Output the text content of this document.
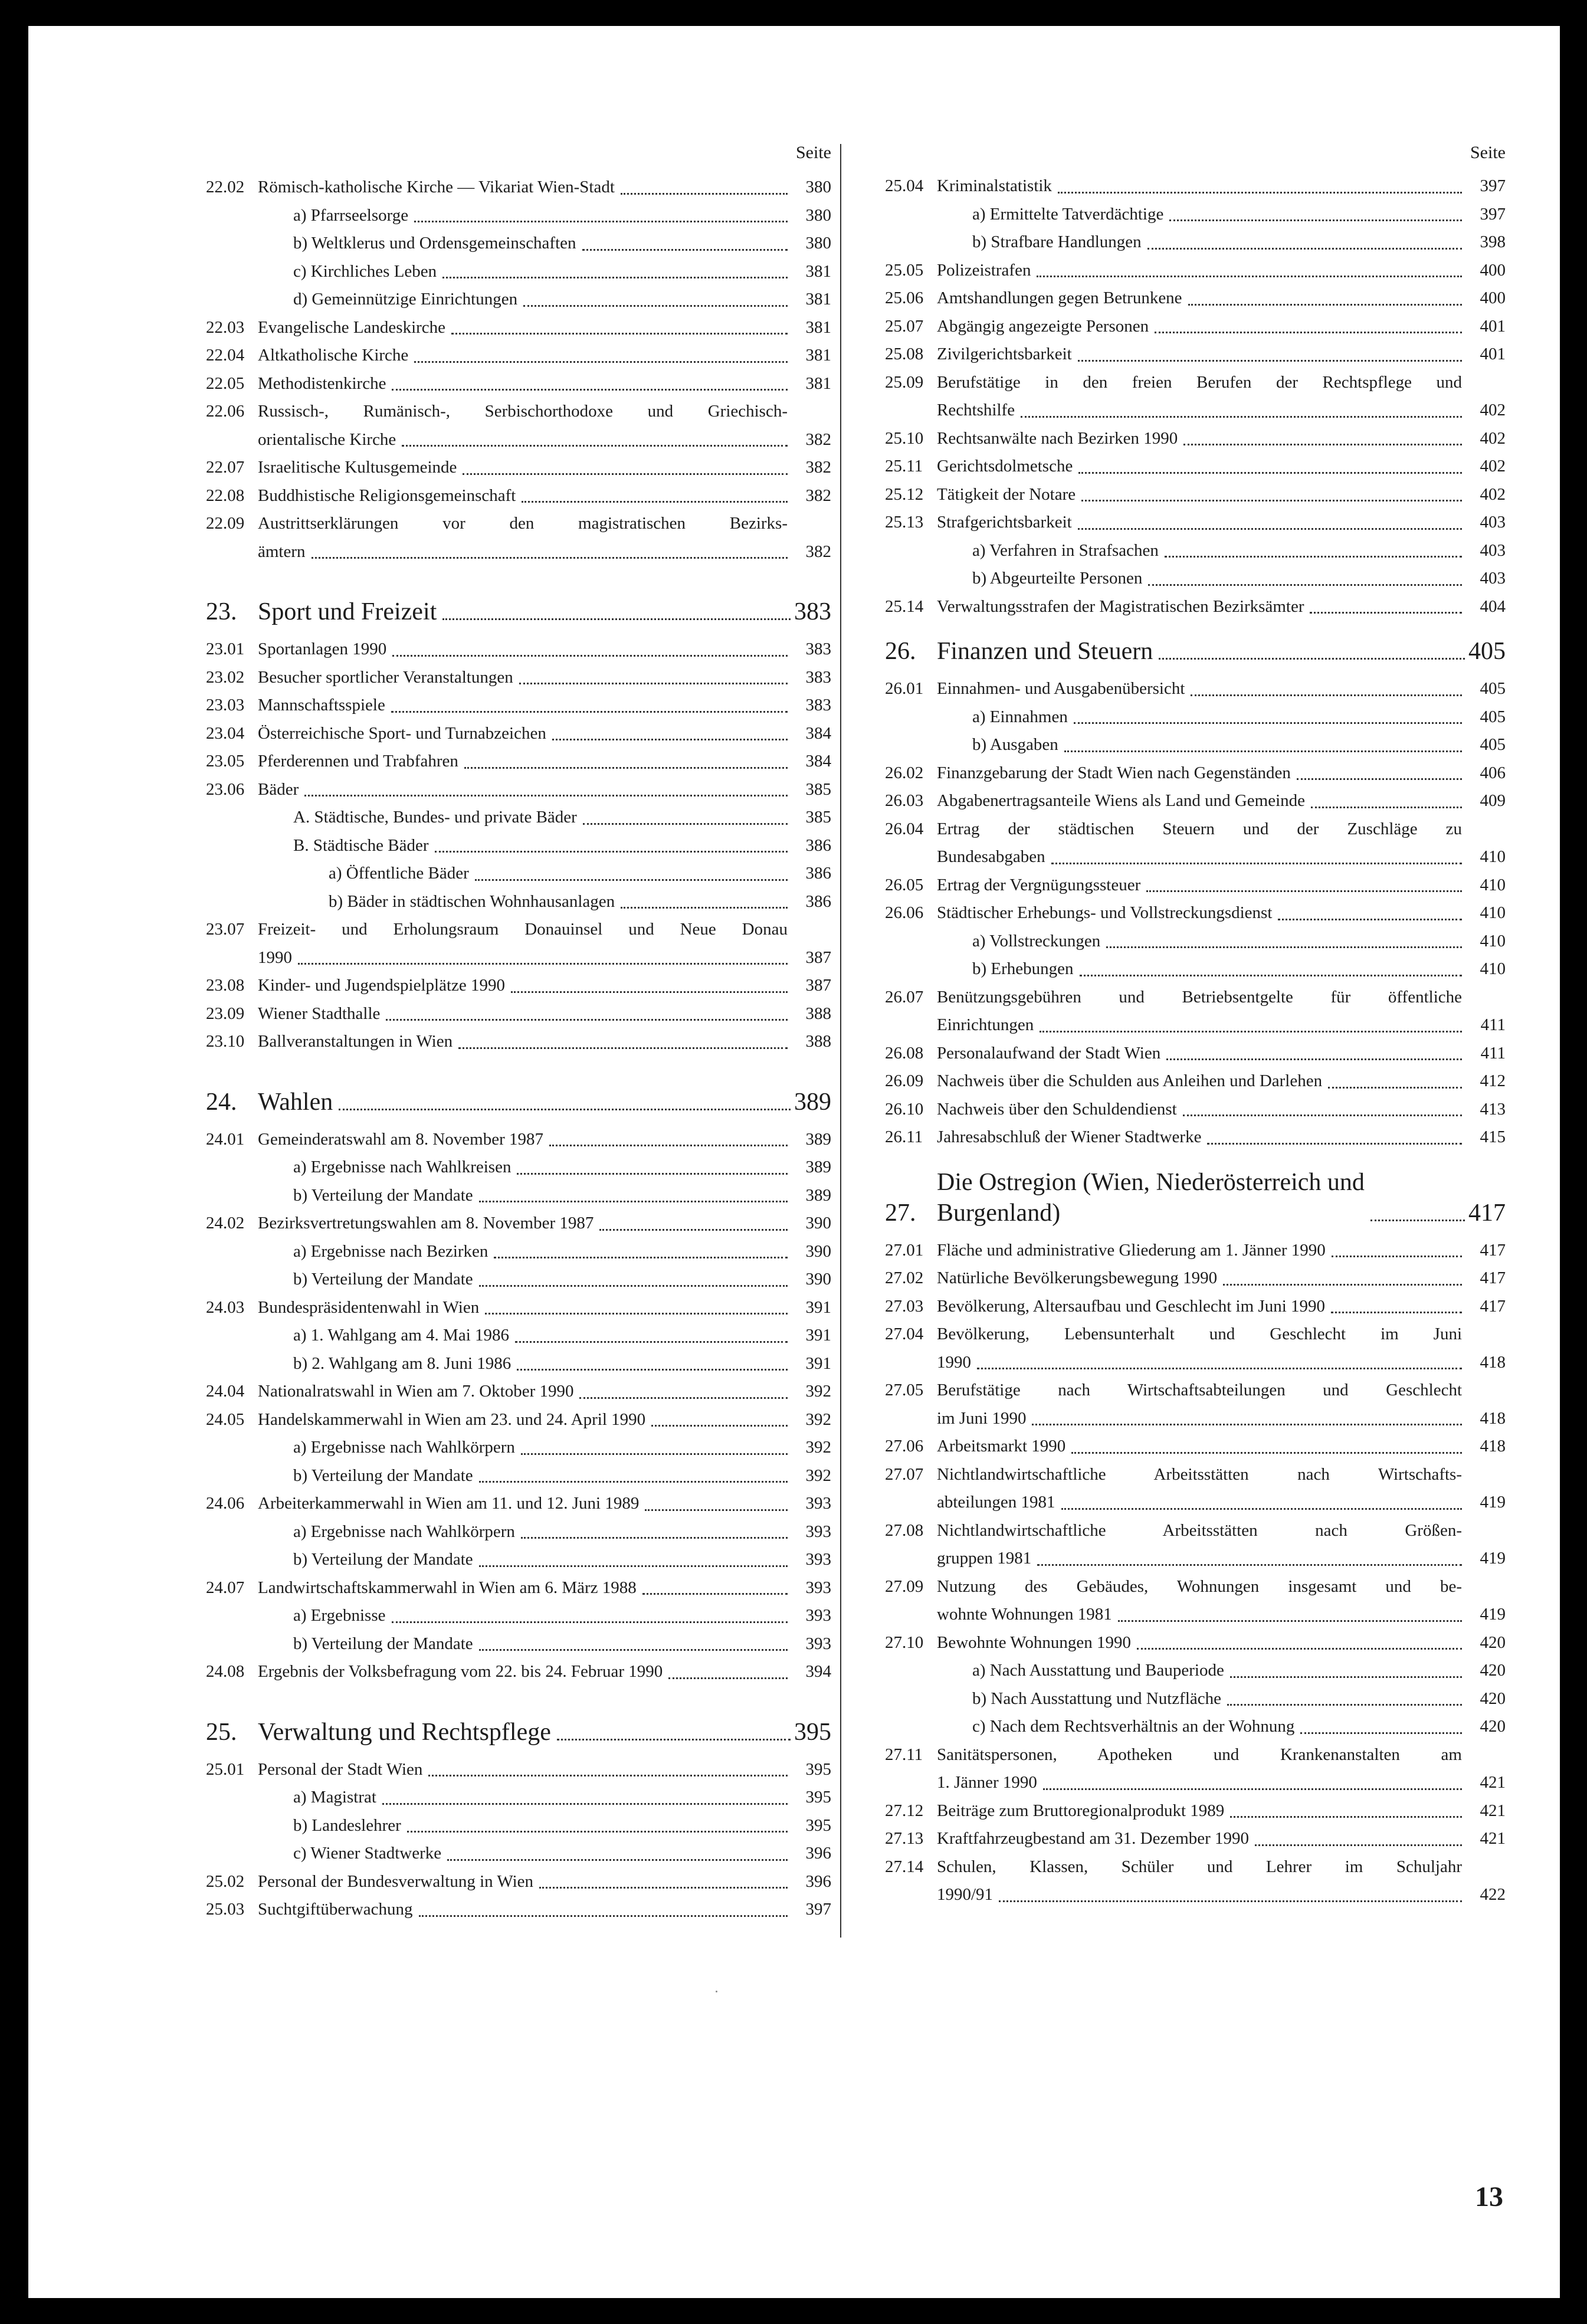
Seite
22.02 Römisch-katholische Kirche — Vikariat Wien-Stadt	380
a) Pfarrseelsorge	380
b) Weltklerus und Ordensgemeinschaften	380
c) Kirchliches Leben	381
d) Gemeinnützige Einrichtungen	381
22.03 Evangelische Landeskirche	381
22.04 Altkatholische Kirche	381
22.05 Methodistenkirche	381
22.06 Russisch-, Rumänisch-, Serbischorthodoxe und Griechisch-
orientalische Kirche	382
22.07 Israelitische Kultusgemeinde	382
22.08 Buddhistische Religionsgemeinschaft	382
22.09 Austrittserklärungen vor den magistratischen Bezirks-
ämtern	382
23. Sport und Freizeit	383
23.01 Sportanlagen 1990	383
23.02 Besucher sportlicher Veranstaltungen	383
23.03 Mannschaftsspiele	383
23.04 Österreichische Sport- und Turnabzeichen	384
23.05 Pferderennen und Trabfahren	384
23.06 Bäder	385
A. Städtische, Bundes- und private Bäder	385
B. Städtische Bäder	386
a) Öffentliche Bäder	386
b) Bäder in städtischen Wohnhausanlagen	386
23.07 Freizeit- und Erholungsraum Donauinsel und Neue Donau
1990	387
23.08 Kinder- und Jugendspielplätze 1990	387
23.09 Wiener Stadthalle	388
23.10 Ballveranstaltungen in Wien	388
24. Wahlen	389
24.01 Gemeinderatswahl am 8. November 1987	389
a) Ergebnisse nach Wahlkreisen	389
b) Verteilung der Mandate	389
24.02 Bezirksvertretungswahlen am 8. November 1987	390
a) Ergebnisse nach Bezirken	390
b) Verteilung der Mandate	390
24.03 Bundespräsidentenwahl in Wien	391
a) 1. Wahlgang am 4. Mai 1986	391
b) 2. Wahlgang am 8. Juni 1986	391
24.04 Nationalratswahl in Wien am 7. Oktober 1990	392
24.05 Handelskammerwahl in Wien am 23. und 24. April 1990	392
a) Ergebnisse nach Wahlkörpern	392
b) Verteilung der Mandate	392
24.06 Arbeiterkammerwahl in Wien am 11. und 12. Juni 1989	393
a) Ergebnisse nach Wahlkörpern	393
b) Verteilung der Mandate	393
24.07 Landwirtschaftskammerwahl in Wien am 6. März 1988	393
a) Ergebnisse	393
b) Verteilung der Mandate	393
24.08 Ergebnis der Volksbefragung vom 22. bis 24. Februar 1990	394
25. Verwaltung und Rechtspflege	395
25.01 Personal der Stadt Wien	395
a) Magistrat	395
b) Landeslehrer	395
c) Wiener Stadtwerke	396
25.02 Personal der Bundesverwaltung in Wien	396
25.03 Suchtgiftüberwachung	397
Seite
25.04 Kriminalstatistik	397
a) Ermittelte Tatverdächtige	397
b) Strafbare Handlungen	398
25.05 Polizeistrafen	400
25.06 Amtshandlungen gegen Betrunkene	400
25.07 Abgängig angezeigte Personen	401
25.08 Zivilgerichtsbarkeit	401
25.09 Berufstätige in den freien Berufen der Rechtspflege und
Rechtshilfe	402
25.10 Rechtsanwälte nach Bezirken 1990	402
25.11 Gerichtsdolmetsche	402
25.12 Tätigkeit der Notare	402
25.13 Strafgerichtsbarkeit	403
a) Verfahren in Strafsachen	403
b) Abgeurteilte Personen	403
25.14 Verwaltungsstrafen der Magistratischen Bezirksämter	404
26. Finanzen und Steuern	405
26.01 Einnahmen- und Ausgabenübersicht	405
a) Einnahmen	405
b) Ausgaben	405
26.02 Finanzgebarung der Stadt Wien nach Gegenständen	406
26.03 Abgabenertragsanteile Wiens als Land und Gemeinde	409
26.04 Ertrag der städtischen Steuern und der Zuschläge zu
Bundesabgaben	410
26.05 Ertrag der Vergnügungssteuer	410
26.06 Städtischer Erhebungs- und Vollstreckungsdienst	410
a) Vollstreckungen	410
b) Erhebungen	410
26.07 Benützungsgebühren und Betriebsentgelte für öffentliche
Einrichtungen	411
26.08 Personalaufwand der Stadt Wien	411
26.09 Nachweis über die Schulden aus Anleihen und Darlehen	412
26.10 Nachweis über den Schuldendienst	413
26.11 Jahresabschluß der Wiener Stadtwerke	415
27.
Die Ostregion (Wien, Niederösterreich und
Burgenland)	417
27.01 Fläche und administrative Gliederung am 1. Jänner 1990	417
27.02 Natürliche Bevölkerungsbewegung 1990	417
27.03 Bevölkerung, Altersaufbau und Geschlecht im Juni 1990	417
27.04 Bevölkerung, Lebensunterhalt und Geschlecht im Juni
1990	418
27.05 Berufstätige nach Wirtschaftsabteilungen und Geschlecht
im Juni 1990	418
27.06 Arbeitsmarkt 1990	418
27.07 Nichtlandwirtschaftliche Arbeitsstätten nach Wirtschafts-
abteilungen 1981	419
27.08 Nichtlandwirtschaftliche Arbeitsstätten nach Größen-
gruppen 1981	419
27.09 Nutzung des Gebäudes, Wohnungen insgesamt und be-
wohnte Wohnungen 1981	419
27.10 Bewohnte Wohnungen 1990	420
a) Nach Ausstattung und Bauperiode	420
b) Nach Ausstattung und Nutzfläche	420
c) Nach dem Rechtsverhältnis an der Wohnung	420
27.11 Sanitätspersonen, Apotheken und Krankenanstalten am
1. Jänner 1990	421
27.12 Beiträge zum Bruttoregionalprodukt 1989	421
27.13 Kraftfahrzeugbestand am 31. Dezember 1990	421
27.14 Schulen, Klassen, Schüler und Lehrer im Schuljahr
1990/91	422
13
